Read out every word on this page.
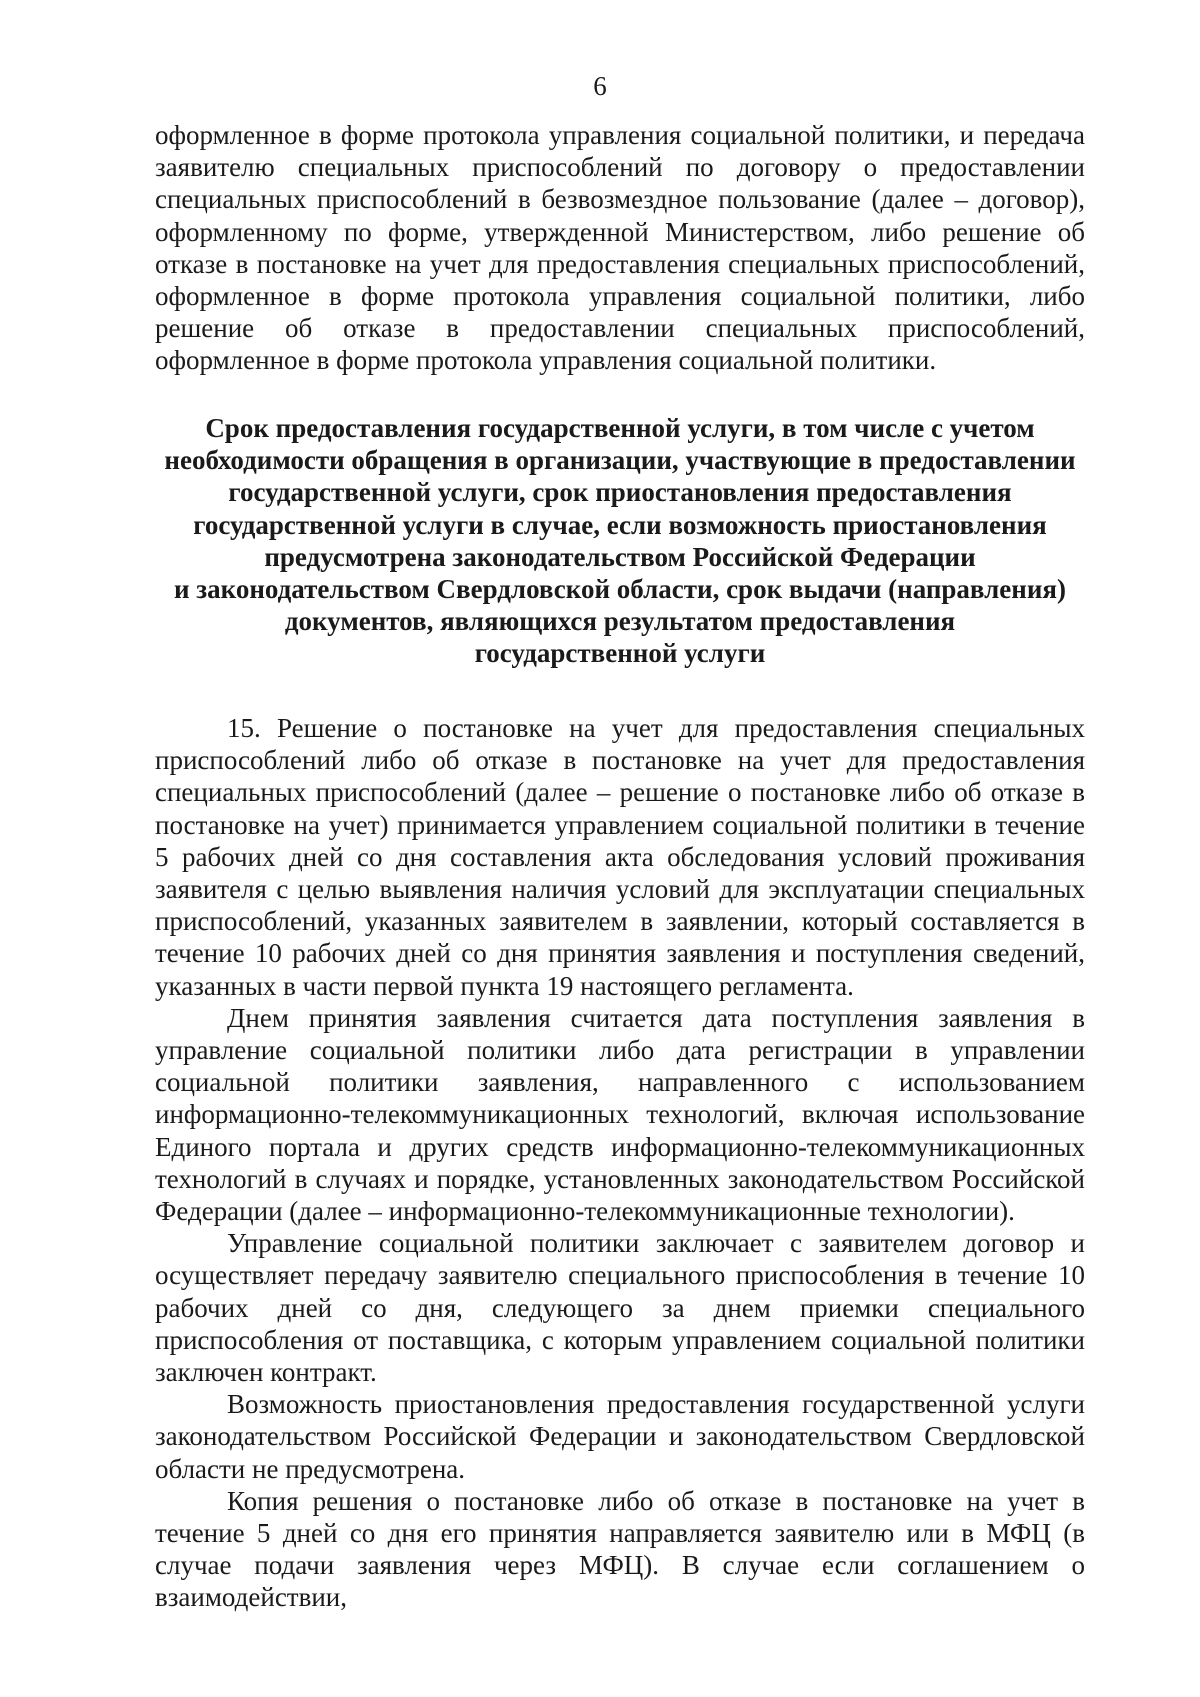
6

оформленное в форме протокола управления социальной политики, и передача заявителю специальных приспособлений по договору о предоставлении специальных приспособлений в безвозмездное пользование (далее – договор), оформленному по форме, утвержденной Министерством, либо решение об отказе в постановке на учет для предоставления специальных приспособлений, оформленное в форме протокола управления социальной политики, либо решение об отказе в предоставлении специальных приспособлений, оформленное в форме протокола управления социальной политики.

Срок предоставления государственной услуги, в том числе с учетом
необходимости обращения в организации, участвующие в предоставлении
государственной услуги, срок приостановления предоставления
государственной услуги в случае, если возможность приостановления
предусмотрена законодательством Российской Федерации
и законодательством Свердловской области, срок выдачи (направления)
документов, являющихся результатом предоставления
государственной услуги

15. Решение о постановке на учет для предоставления специальных приспособлений либо об отказе в постановке на учет для предоставления специальных приспособлений (далее – решение о постановке либо об отказе в постановке на учет) принимается управлением социальной политики в течение 5 рабочих дней со дня составления акта обследования условий проживания заявителя с целью выявления наличия условий для эксплуатации специальных приспособлений, указанных заявителем в заявлении, который составляется в течение 10 рабочих дней со дня принятия заявления и поступления сведений, указанных в части первой пункта 19 настоящего регламента.

Днем принятия заявления считается дата поступления заявления в управление социальной политики либо дата регистрации в управлении социальной политики заявления, направленного с использованием информационно-телекоммуникационных технологий, включая использование Единого портала и других средств информационно-телекоммуникационных технологий в случаях и порядке, установленных законодательством Российской Федерации (далее – информационно-телекоммуникационные технологии).

Управление социальной политики заключает с заявителем договор и осуществляет передачу заявителю специального приспособления в течение 10 рабочих дней со дня, следующего за днем приемки специального приспособления от поставщика, с которым управлением социальной политики заключен контракт.

Возможность приостановления предоставления государственной услуги законодательством Российской Федерации и законодательством Свердловской области не предусмотрена.

Копия решения о постановке либо об отказе в постановке на учет в течение 5 дней со дня его принятия направляется заявителю или в МФЦ (в случае подачи заявления через МФЦ). В случае если соглашением о взаимодействии,
